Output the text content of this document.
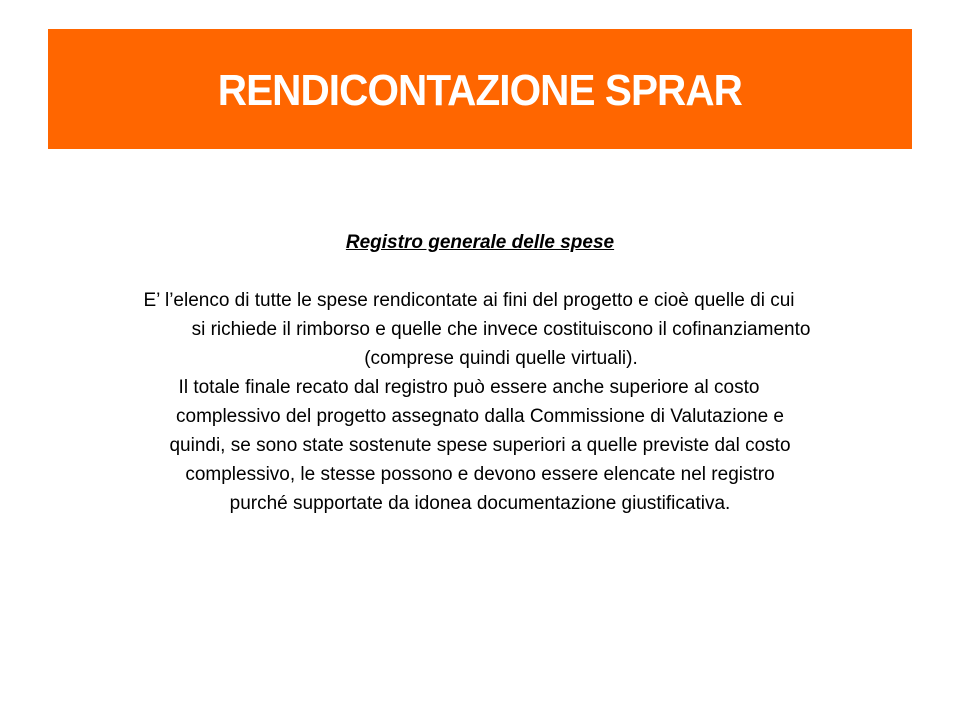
RENDICONTAZIONE SPRAR
Registro generale delle spese

E’ l’elenco di tutte le spese rendicontate ai fini del progetto e cioè quelle di cui

si richiede il rimborso e quelle che invece costituiscono il cofinanziamento

(comprese quindi quelle virtuali).

Il totale finale recato dal registro può essere anche superiore al costo

complessivo del progetto assegnato dalla Commissione di Valutazione e

quindi, se sono state sostenute spese superiori a quelle previste dal costo

complessivo, le stesse possono e devono essere elencate nel registro

purché supportate da idonea documentazione giustificativa.
